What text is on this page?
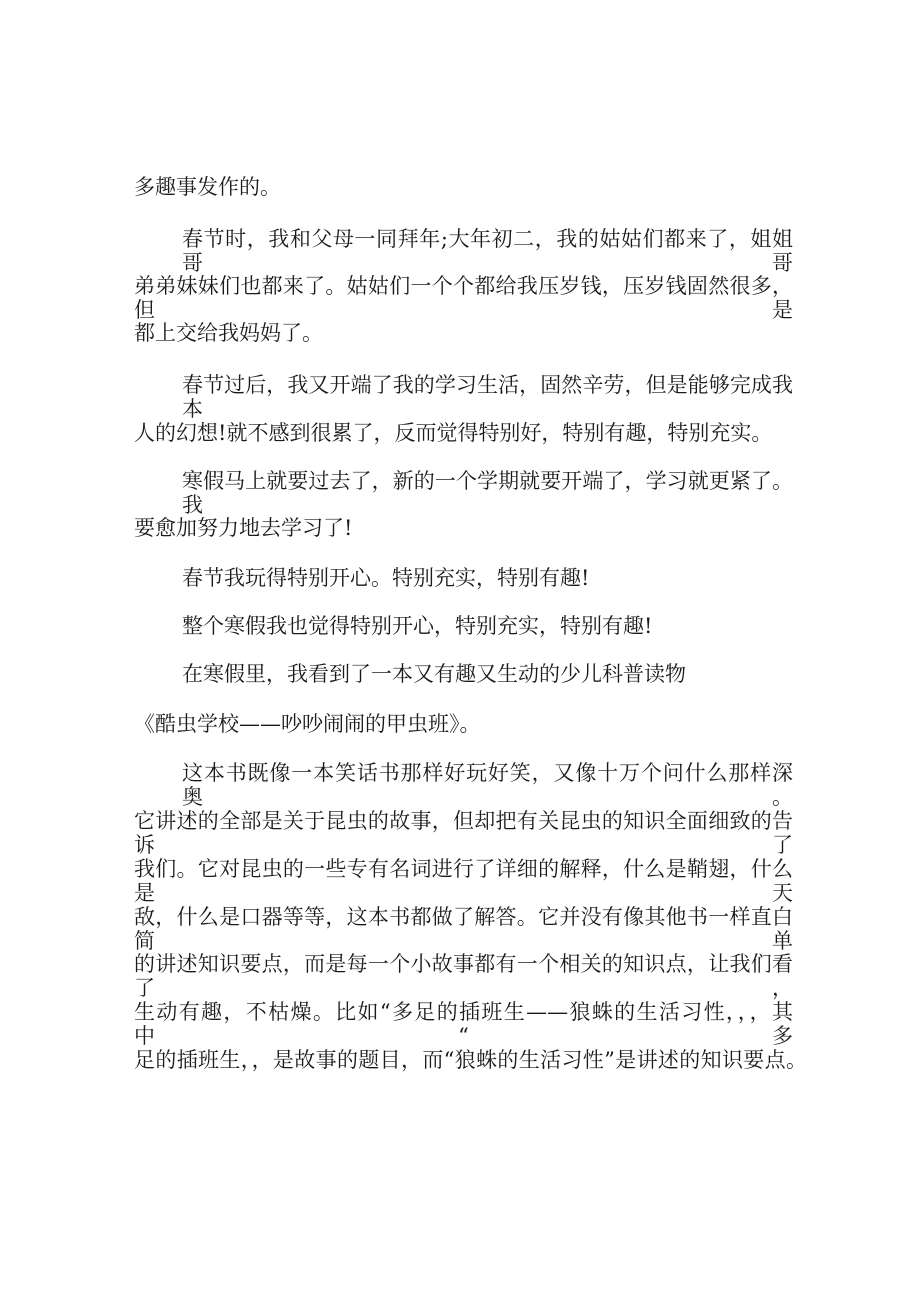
多趣事发作的。
春节时，我和父母一同拜年;大年初二，我的姑姑们都来了，姐姐哥哥
弟弟妹妹们也都来了。姑姑们一个个都给我压岁钱，压岁钱固然很多，但是
都上交给我妈妈了。
春节过后，我又开端了我的学习生活，固然辛劳，但是能够完成我本
人的幻想!就不感到很累了，反而觉得特别好，特别有趣，特别充实。
寒假马上就要过去了，新的一个学期就要开端了，学习就更紧了。我
要愈加努力地去学习了!
春节我玩得特别开心。特别充实，特别有趣!
整个寒假我也觉得特别开心，特别充实，特别有趣!
在寒假里，我看到了一本又有趣又生动的少儿科普读物
《酷虫学校——吵吵闹闹的甲虫班》。
这本书既像一本笑话书那样好玩好笑，又像十万个问什么那样深奥。
它讲述的全部是关于昆虫的故事，但却把有关昆虫的知识全面细致的告诉了
我们。它对昆虫的一些专有名词进行了详细的解释，什么是鞘翅，什么是天
敌，什么是口器等等，这本书都做了解答。它并没有像其他书一样直白简单
的讲述知识要点，而是每一个小故事都有一个相关的知识点，让我们看了，
生动有趣，不枯燥。比如“多足的插班生——狼蛛的生活习性，，，其中“多
足的插班生，，是故事的题目，而“狼蛛的生活习性”是讲述的知识要点。
